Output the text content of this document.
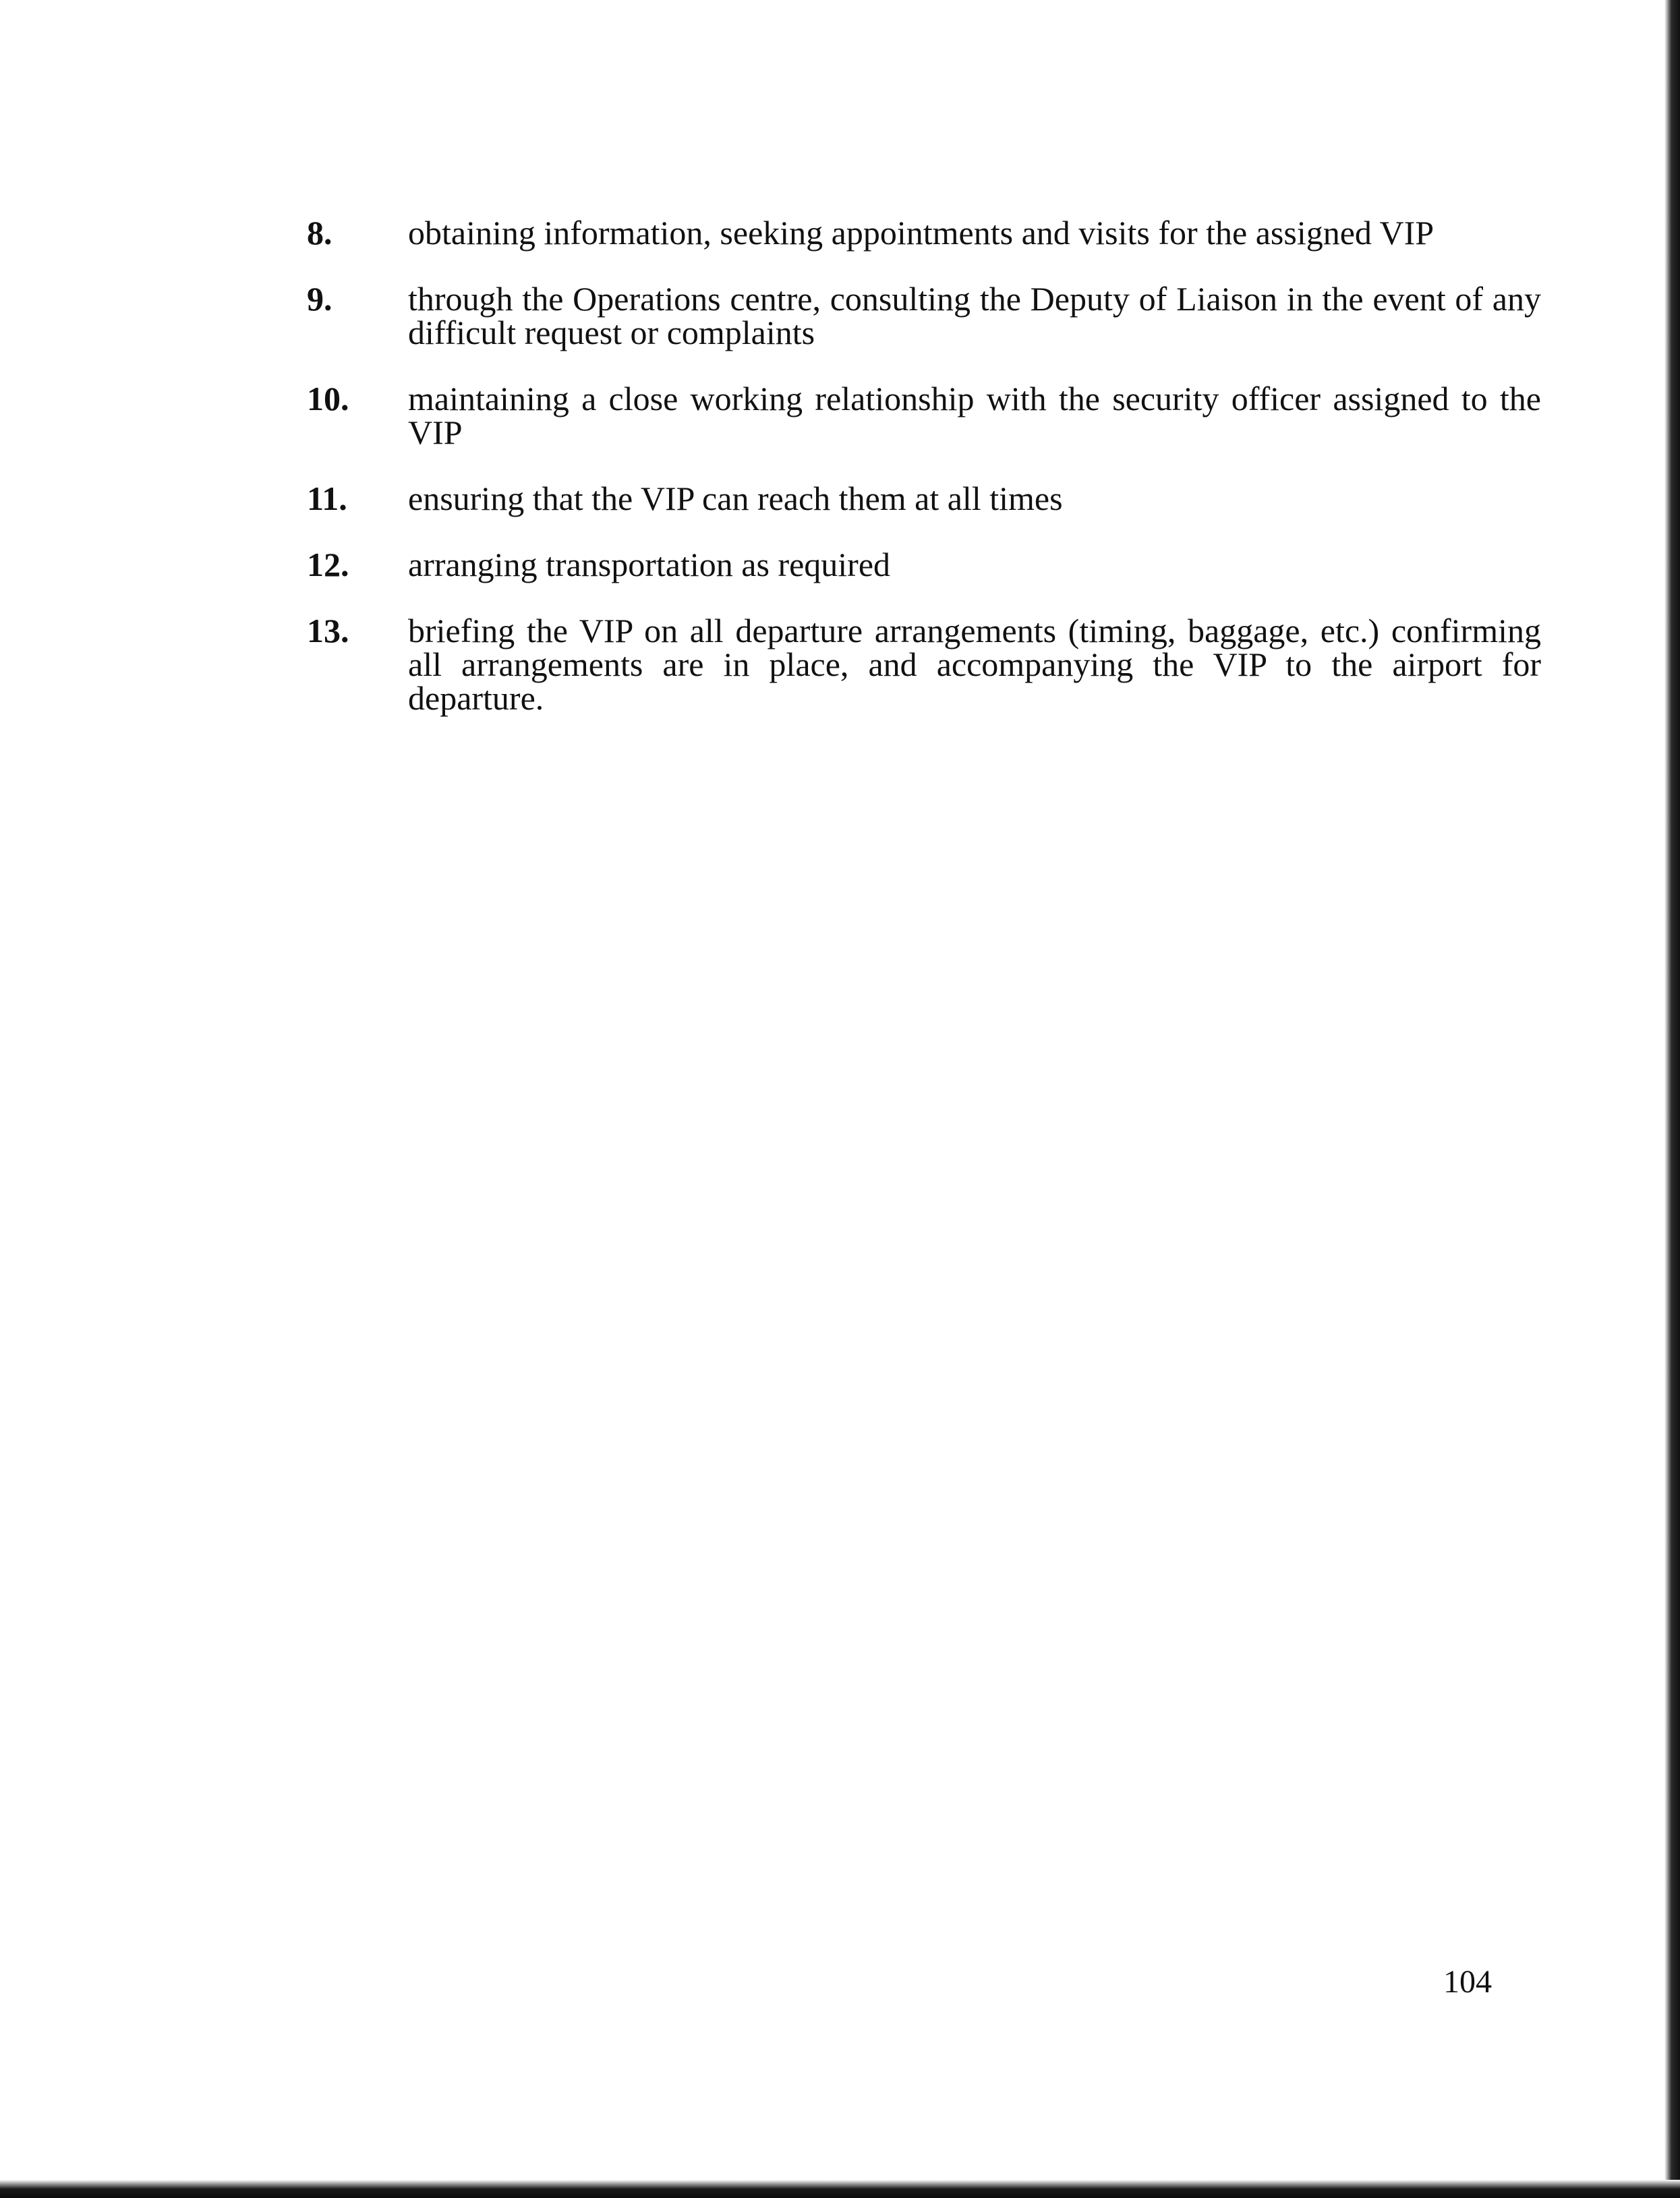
8.	obtaining information, seeking appointments and visits for the assigned VIP
9.	through the Operations centre, consulting the Deputy of Liaison in the event of any difficult request or complaints
10.	maintaining a close working relationship with the security officer assigned to the VIP
11.	ensuring that the VIP can reach them at all times
12.	arranging transportation as required
13.	briefing the VIP on all departure arrangements (timing, baggage, etc.) confirming all arrangements are in place, and accompanying the VIP to the airport for departure.
104
